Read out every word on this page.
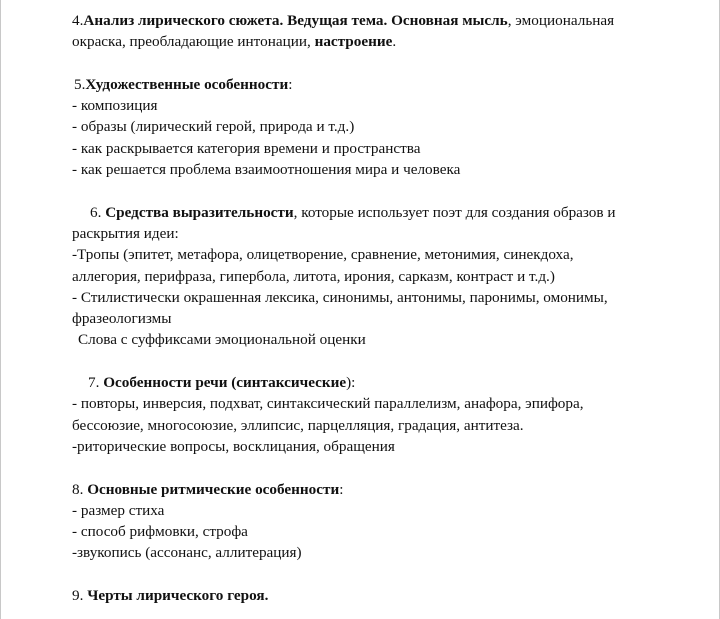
4.Анализ лирического сюжета. Ведущая тема. Основная мысль, эмоциональная
окраска, преобладающие интонации, настроение.
5.Художественные особенности:
- композиция
- образы (лирический герой, природа и т.д.)
- как раскрывается категория времени и пространства
- как решается проблема взаимоотношения мира и человека
6. Средства выразительности, которые использует поэт для создания образов и
раскрытия идеи:
-Тропы (эпитет, метафора, олицетворение, сравнение, метонимия, синекдоха,
аллегория, перифраза, гипербола, литота, ирония, сарказм, контраст и т.д.)
- Стилистически окрашенная лексика, синонимы, антонимы, паронимы, омонимы,
фразеологизмы
Слова с суффиксами эмоциональной оценки
7. Особенности речи (синтаксические):
- повторы, инверсия, подхват, синтаксический параллелизм, анафора, эпифора,
бессоюзие, многосоюзие, эллипсис, парцелляция, градация, антитеза.
-риторические вопросы, восклицания, обращения
8. Основные ритмические особенности:
- размер стиха
- способ рифмовки, строфа
-звукопись (ассонанс, аллитерация)
9. Черты лирического героя.
